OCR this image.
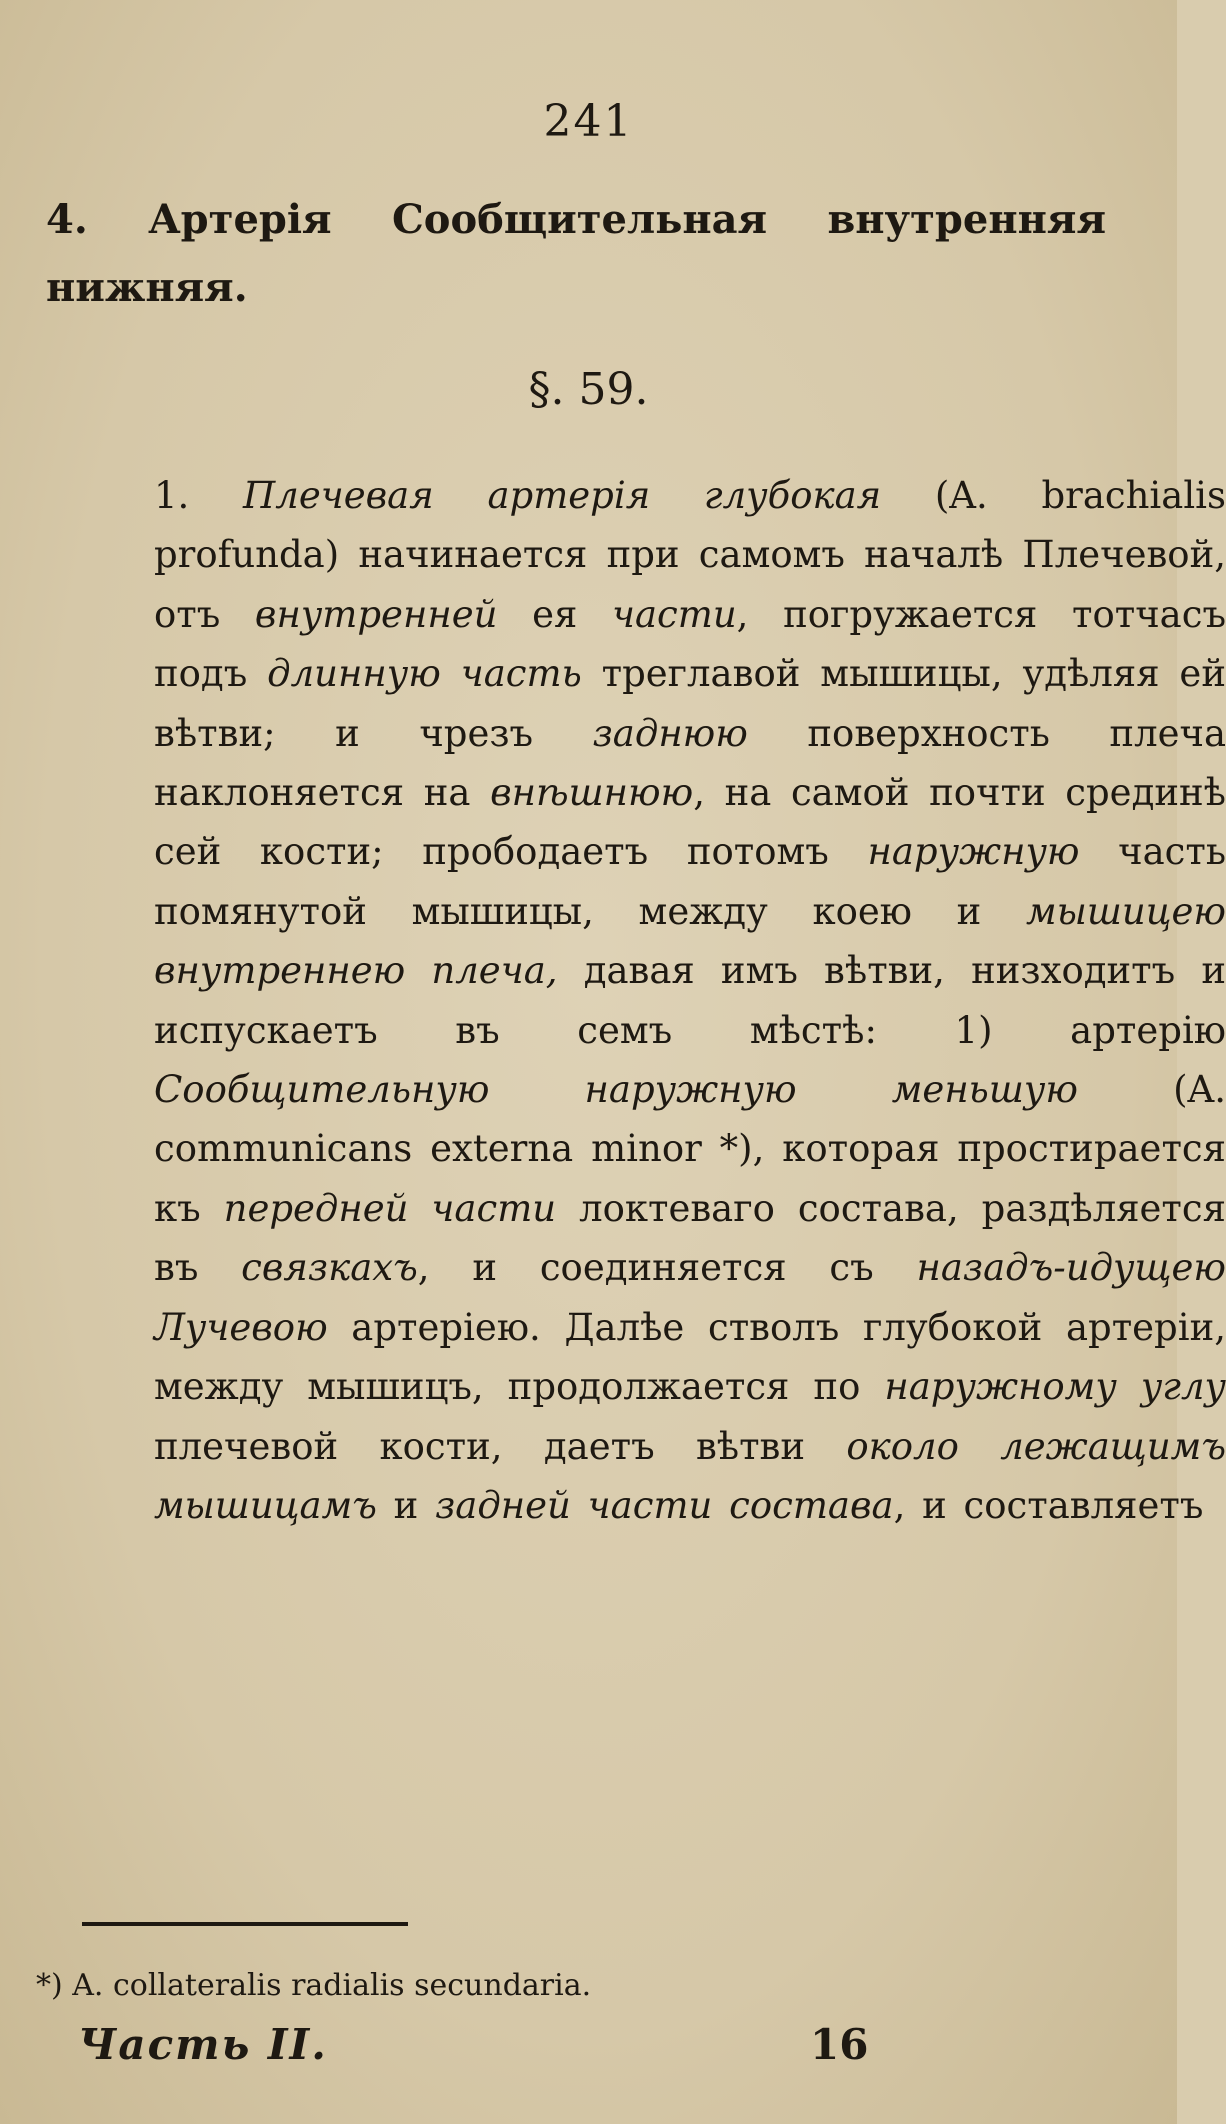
241
4. Артерія Сообщительная внутренняя нижняя.
§. 59.
1. Плечевая артерія глубокая (A. brachialis profunda) начинается при самомъ началѣ Плечевой, отъ внутренней ея части, погружается тотчасъ подъ длинную часть треглавой мышицы, удѣляя ей вѣтви; и чрезъ заднюю поверхность плеча наклоняется на внѣшнюю, на самой почти срединѣ сей кости; прободаетъ потомъ наружную часть помянутой мышицы, между коею и мышицею внутреннею плеча, давая имъ вѣтви, низходитъ и испускаетъ въ семъ мѣстѣ: 1) артерію Сообщительную наружную меньшую (A. communicans externa minor *), которая простирается къ передней части локтеваго состава, раздѣляется въ связкахъ, и соединяется съ назадъ-идущею Лучевою артеріею. Далѣе стволъ глубокой артеріи, между мышицъ, продолжается по наружному углу плечевой кости, даетъ вѣтви около лежащимъ мышицамъ и задней части состава, и составляетъ
*) A. collateralis radialis secundaria.
Часть II.	16
